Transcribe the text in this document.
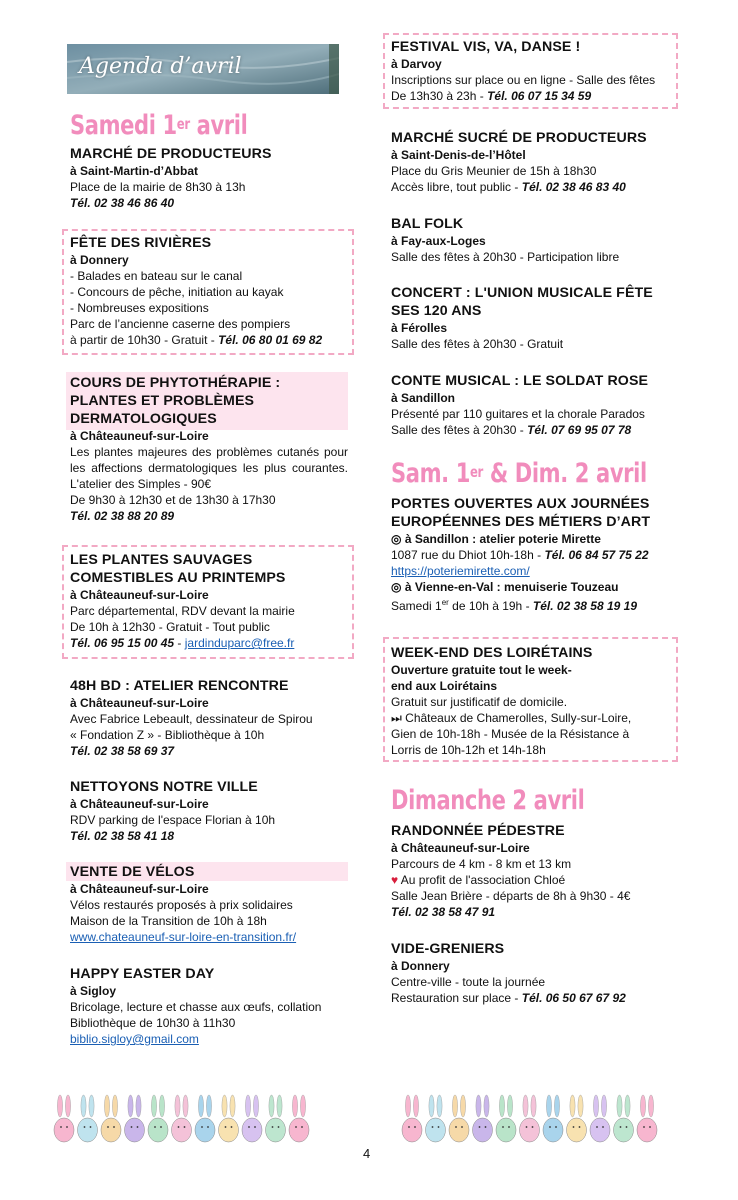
Agenda d’avril
Samedi 1er avril
MARCHÉ DE PRODUCTEURS
à Saint-Martin-d’Abbat
Place de la mairie de 8h30 à 13h
Tél. 02 38 46 86 40
FÊTE DES RIVIÈRES
à Donnery
- Balades en bateau sur le canal
- Concours de pêche, initiation au kayak
- Nombreuses expositions
Parc de l’ancienne caserne des pompiers
à partir de 10h30 - Gratuit - Tél. 06 80 01 69 82
COURS DE PHYTOTHÉRAPIE : PLANTES ET PROBLÈMES DERMATOLOGIQUES
à Châteauneuf-sur-Loire
Les plantes majeures des problèmes cutanés pour les affections dermatologiques les plus courantes. L'atelier des Simples - 90€
De 9h30 à 12h30 et de 13h30 à 17h30
Tél. 02 38 88 20 89
LES PLANTES SAUVAGES COMESTIBLES AU PRINTEMPS
à Châteauneuf-sur-Loire
Parc départemental, RDV devant la mairie
De 10h à 12h30 - Gratuit - Tout public
Tél. 06 95 15 00 45 - jardinduparc@free.fr
48H BD : ATELIER RENCONTRE
à Châteauneuf-sur-Loire
Avec Fabrice Lebeault, dessinateur de Spirou
« Fondation Z » - Bibliothèque à 10h
Tél. 02 38 58 69 37
NETTOYONS NOTRE VILLE
à Châteauneuf-sur-Loire
RDV parking de l'espace Florian à 10h
Tél. 02 38 58 41 18
VENTE DE VÉLOS
à Châteauneuf-sur-Loire
Vélos restaurés proposés à prix solidaires
Maison de la Transition de 10h à 18h
www.chateauneuf-sur-loire-en-transition.fr/
HAPPY EASTER DAY
à Sigloy
Bricolage, lecture et chasse aux œufs, collation
Bibliothèque de 10h30 à 11h30
biblio.sigloy@gmail.com
FESTIVAL VIS, VA, DANSE !
à Darvoy
Inscriptions sur place ou en ligne - Salle des fêtes
De 13h30 à 23h - Tél. 06 07 15 34 59
MARCHÉ SUCRÉ DE PRODUCTEURS
à Saint-Denis-de-l’Hôtel
Place du Gris Meunier de 15h à 18h30
Accès libre, tout public - Tél. 02 38 46 83 40
BAL FOLK
à Fay-aux-Loges
Salle des fêtes à 20h30 - Participation libre
CONCERT : L'UNION MUSICALE FÊTE SES 120 ANS
à Férolles
Salle des fêtes à 20h30 - Gratuit
CONTE MUSICAL : LE SOLDAT ROSE
à Sandillon
Présenté par 110 guitares et la chorale Parados
Salle des fêtes à 20h30 - Tél. 07 69 95 07 78
Sam. 1er & Dim. 2 avril
PORTES OUVERTES AUX JOURNÉES EUROPÉENNES DES MÉTIERS D’ART
◎ à Sandillon : atelier poterie Mirette
1087 rue du Dhiot 10h-18h - Tél. 06 84 57 75 22
https://poteriemirette.com/
◎ à Vienne-en-Val : menuiserie Touzeau
Samedi 1er de 10h à 19h - Tél. 02 38 58 19 19
WEEK-END DES LOIRÉTAINS
Ouverture gratuite tout le week-end aux Loirétains
Gratuit sur justificatif de domicile.
⏭ Châteaux de Chamerolles, Sully-sur-Loire,
Gien de 10h-18h - Musée de la Résistance à
Lorris de 10h-12h et 14h-18h
Dimanche 2 avril
RANDONNÉE PÉDESTRE
à Châteauneuf-sur-Loire
Parcours de 4 km - 8 km et 13 km
♥ Au profit de l'association Chloé
Salle Jean Brière - départs de 8h à 9h30 - 4€
Tél. 02 38 58 47 91
VIDE-GRENIERS
à Donnery
Centre-ville - toute la journée
Restauration sur place - Tél. 06 50 67 67 92
4
